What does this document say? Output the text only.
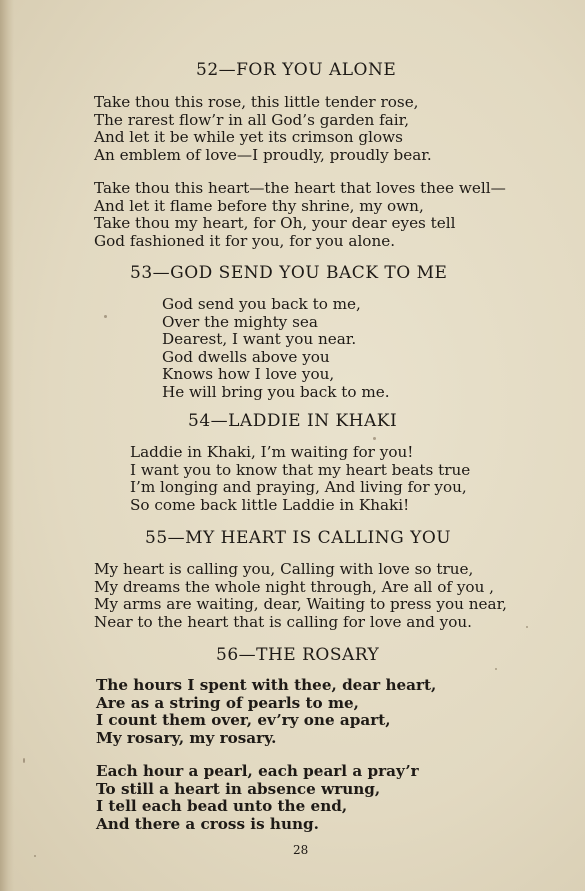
52—FOR YOU ALONE
Take thou this rose, this little tender rose,
The rarest flow’r in all God’s garden fair,
And let it be while yet its crimson glows
An emblem of love—I proudly, proudly bear.
Take thou this heart—the heart that loves thee well—
And let it flame before thy shrine, my own,
Take thou my heart, for Oh, your dear eyes tell
God fashioned it for you, for you alone.
53—GOD SEND YOU BACK TO ME
God send you back to me,
Over the mighty sea
Dearest, I want you near.
God dwells above you
Knows how I love you,
He will bring you back to me.
54—LADDIE IN KHAKI
Laddie in Khaki, I’m waiting for you!
I want you to know that my heart beats true
I’m longing and praying, And living for you,
So come back little Laddie in Khaki!
55—MY HEART IS CALLING YOU
My heart is calling you, Calling with love so true,
My dreams the whole night through, Are all of you ,
My arms are waiting, dear, Waiting to press you near,
Near to the heart that is calling for love and you.
56—THE ROSARY
The hours I spent with thee, dear heart,
Are as a string of pearls to me,
I count them over, ev’ry one apart,
My rosary, my rosary.
Each hour a pearl, each pearl a pray’r
To still a heart in absence wrung,
I tell each bead unto the end,
And there a cross is hung.
28
